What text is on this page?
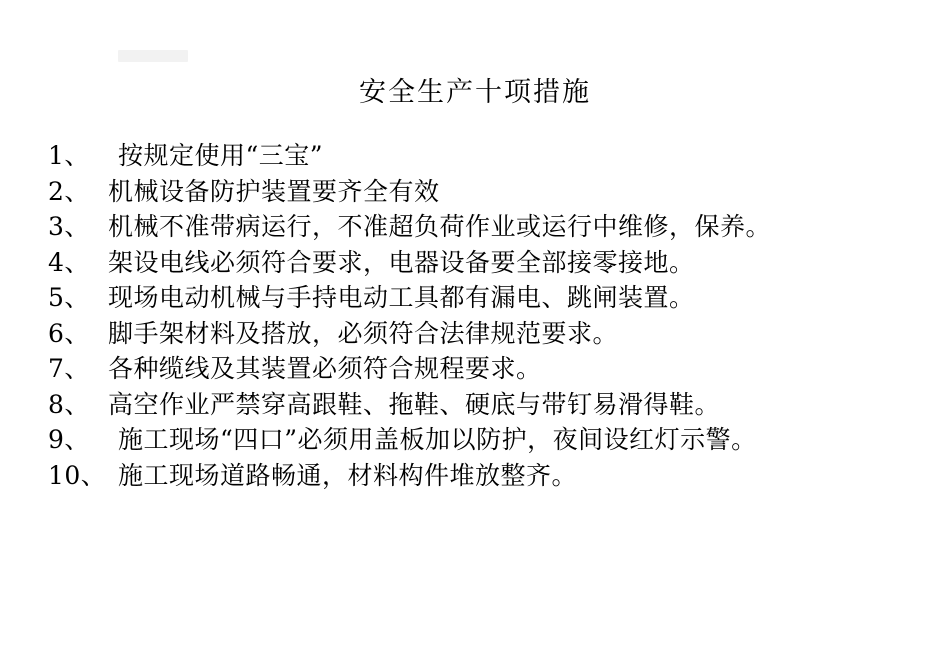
安全生产十项措施
1、	按规定使用“三宝”
2、 机械设备防护装置要齐全有效
3、 机械不准带病运行，不准超负荷作业或运行中维修，保养。
4、 架设电线必须符合要求，电器设备要全部接零接地。
5、 现场电动机械与手持电动工具都有漏电、跳闸装置。
6、 脚手架材料及搭放，必须符合法律规范要求。
7、 各种缆线及其装置必须符合规程要求。
8、 高空作业严禁穿高跟鞋、拖鞋、硬底与带钉易滑得鞋。
9、	施工现场“四口”必须用盖板加以防护，夜间设红灯示警。
10、 施工现场道路畅通，材料构件堆放整齐。
